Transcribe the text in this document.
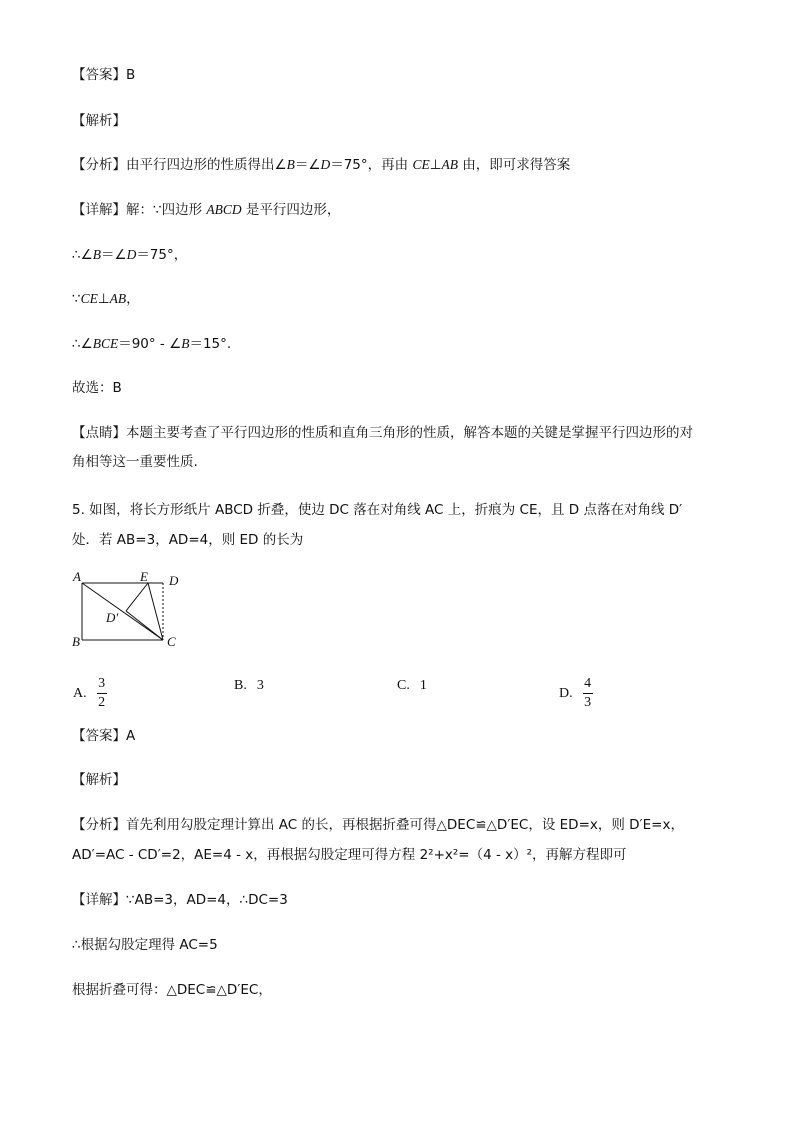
【答案】B
【解析】
【分析】由平行四边形的性质得出∠B＝∠D＝75°，再由 CE⊥AB 由，即可求得答案
【详解】解：∵四边形 ABCD 是平行四边形，
∴∠B＝∠D＝75°，
∵CE⊥AB，
∴∠BCE＝90° - ∠B＝15°.
故选：B
【点睛】本题主要考查了平行四边形的性质和直角三角形的性质，解答本题的关键是掌握平行四边形的对
角相等这一重要性质.
5. 如图，将长方形纸片 ABCD 折叠，使边 DC 落在对角线 AC 上，折痕为 CE，且 D 点落在对角线 D′
处．若 AB=3，AD=4，则 ED 的长为
A	E D
D′
B	C
A. $\frac{3}{2}$	B. 3	C. 1	D. $\frac{4}{3}$
【答案】A
【解析】
【分析】首先利用勾股定理计算出 AC 的长，再根据折叠可得△DEC≌△D′EC，设 ED=x，则 D′E=x，
AD′=AC - CD′=2，AE=4 - x，再根据勾股定理可得方程 2²+x²=（4 - x）²，再解方程即可
【详解】∵AB=3，AD=4，∴DC=3
∴根据勾股定理得 AC=5
根据折叠可得：△DEC≌△D′EC，
